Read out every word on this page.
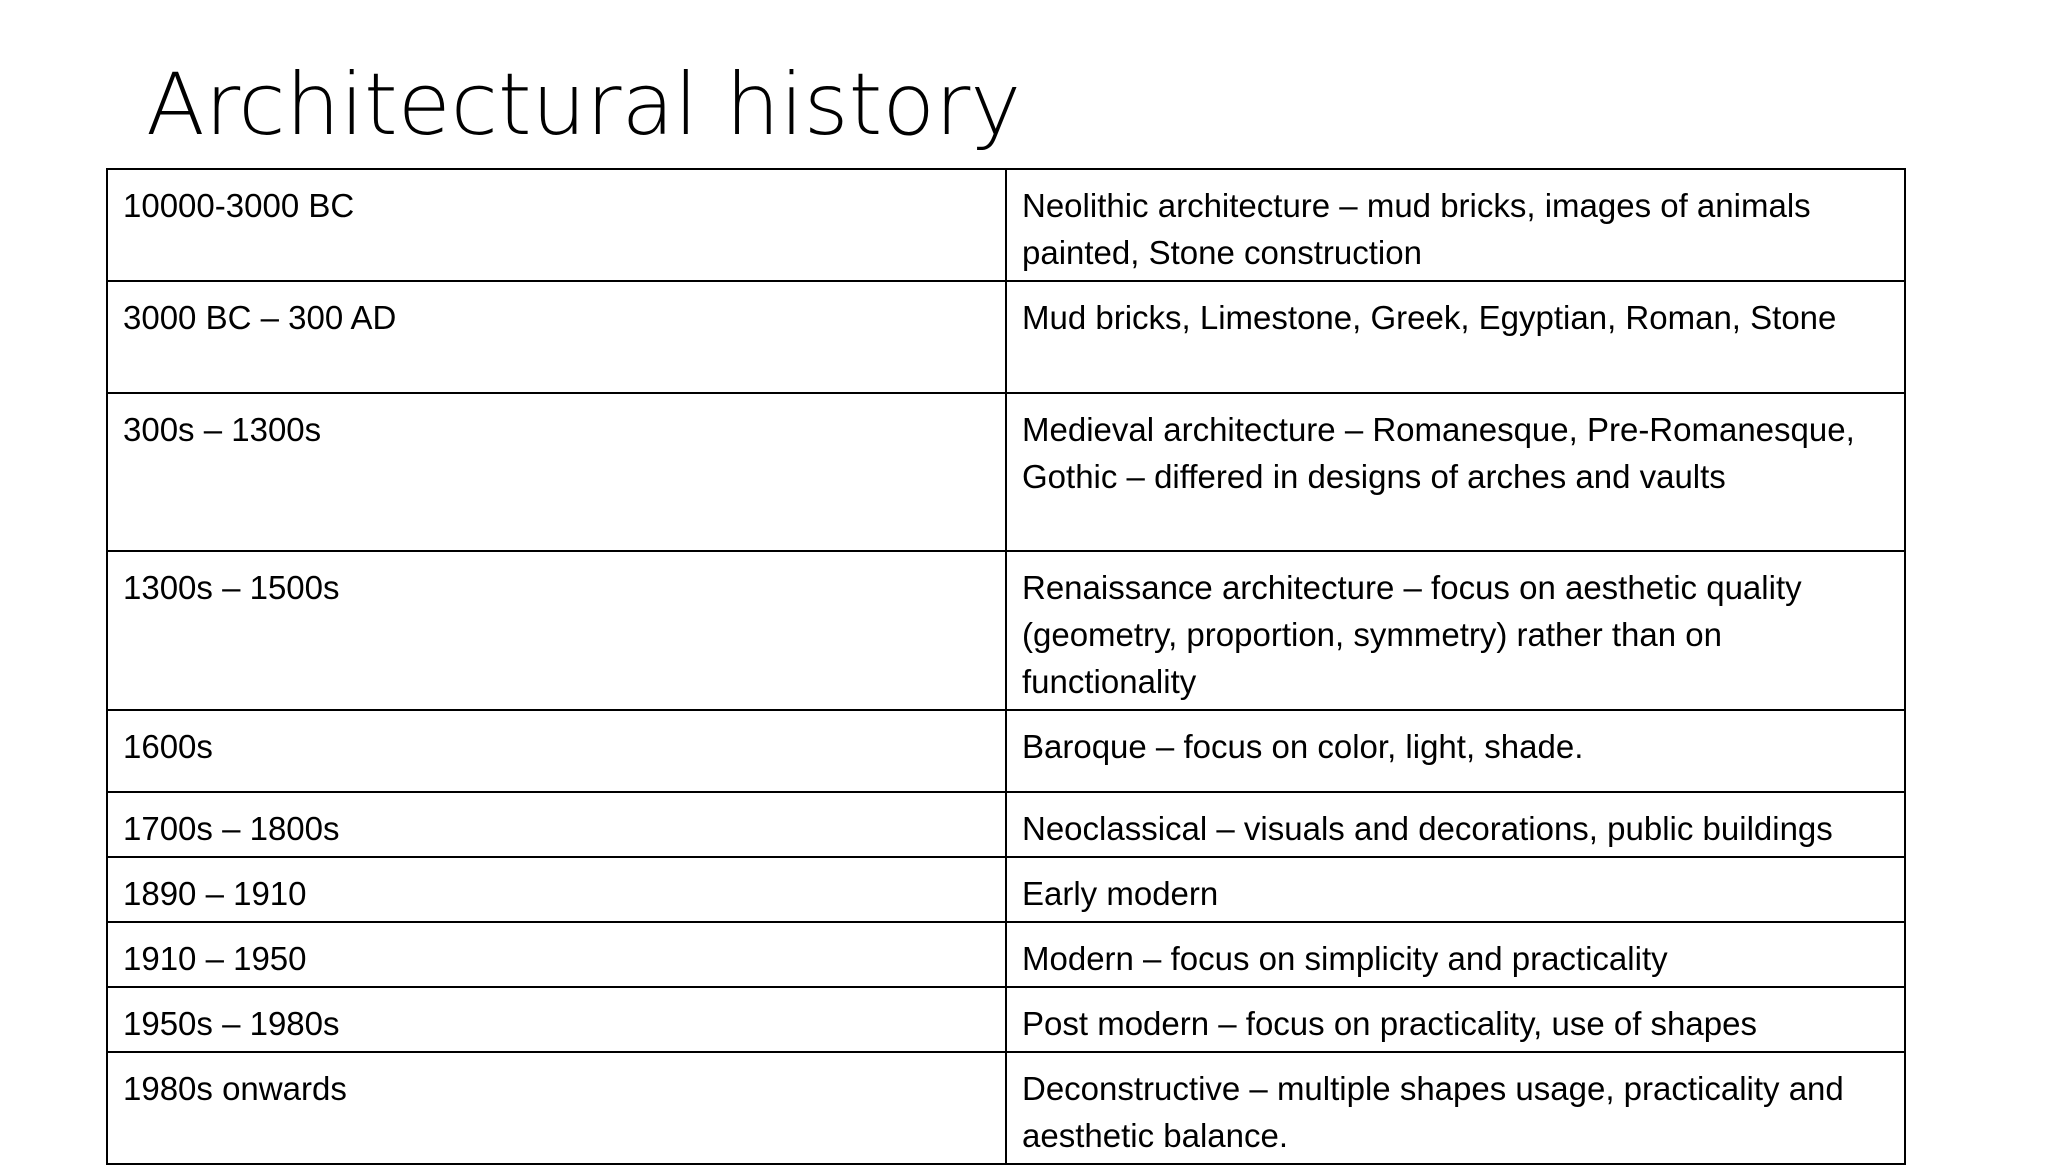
Architectural history
10000-3000 BC	Neolithic architecture – mud bricks, images of animals painted, Stone construction
3000 BC – 300 AD	Mud bricks, Limestone, Greek, Egyptian, Roman, Stone
300s – 1300s	Medieval architecture – Romanesque, Pre-Romanesque, Gothic – differed in designs of arches and vaults
1300s – 1500s	Renaissance architecture – focus on aesthetic quality (geometry, proportion, symmetry) rather than on functionality
1600s	Baroque – focus on color, light, shade.
1700s – 1800s	Neoclassical – visuals and decorations, public buildings
1890 – 1910	Early modern
1910 – 1950	Modern – focus on simplicity and practicality
1950s – 1980s	Post modern – focus on practicality, use of shapes
1980s onwards	Deconstructive – multiple shapes usage, practicality and aesthetic balance.
